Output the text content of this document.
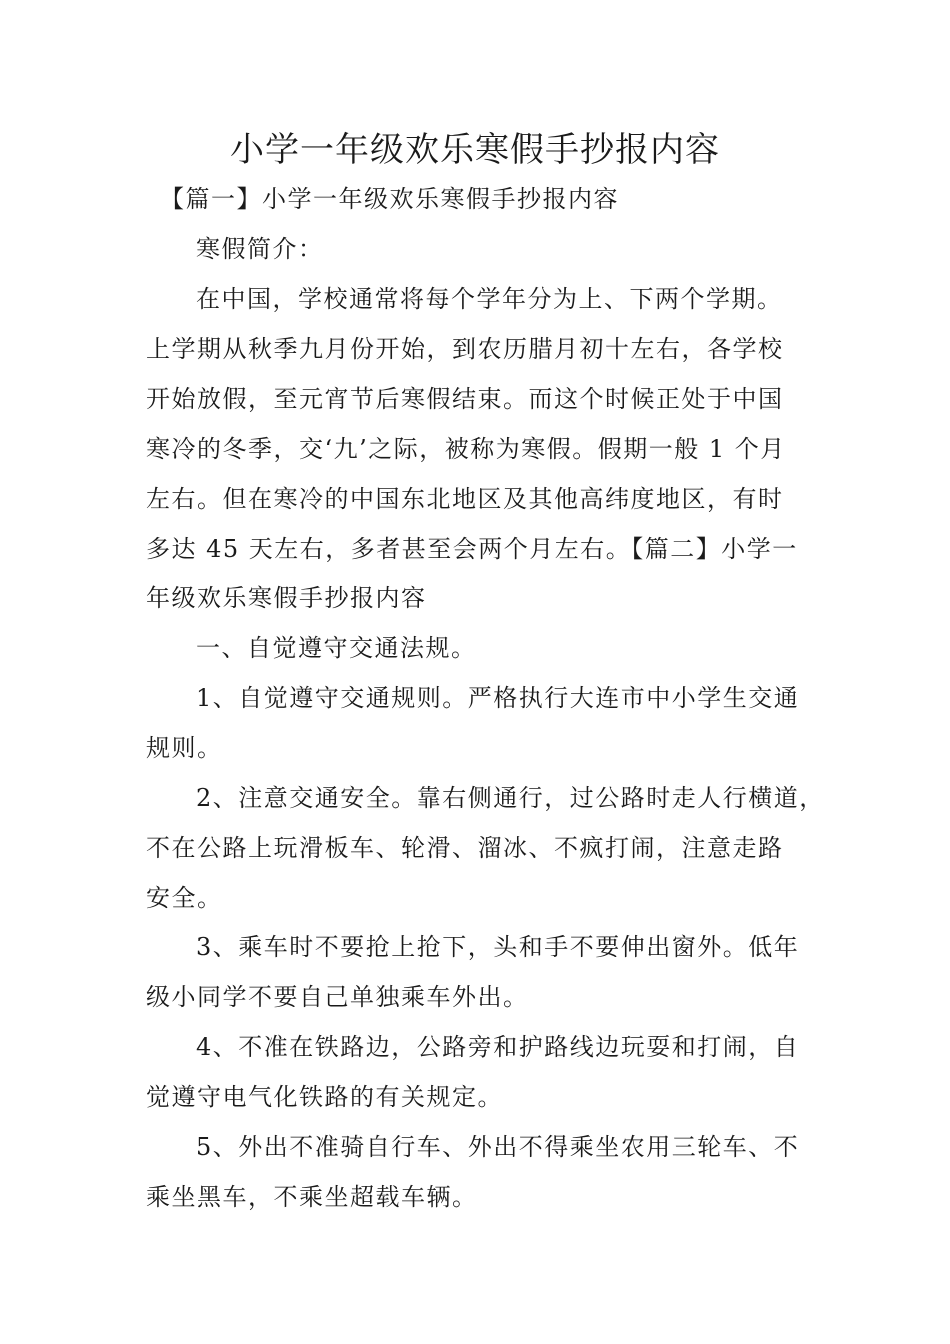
小学一年级欢乐寒假手抄报内容
【篇一】小学一年级欢乐寒假手抄报内容
寒假简介：
在中国，学校通常将每个学年分为上、下两个学期。
上学期从秋季九月份开始，到农历腊月初十左右，各学校
开始放假，至元宵节后寒假结束。而这个时候正处于中国
寒冷的冬季，交‘九’之际，被称为寒假。假期一般 1 个月
左右。但在寒冷的中国东北地区及其他高纬度地区，有时
多达 45 天左右，多者甚至会两个月左右。【篇二】小学一
年级欢乐寒假手抄报内容
一、自觉遵守交通法规。
1、自觉遵守交通规则。严格执行大连市中小学生交通
规则。
2、注意交通安全。靠右侧通行，过公路时走人行横道，
不在公路上玩滑板车、轮滑、溜冰、不疯打闹，注意走路
安全。
3、乘车时不要抢上抢下，头和手不要伸出窗外。低年
级小同学不要自己单独乘车外出。
4、不准在铁路边，公路旁和护路线边玩耍和打闹，自
觉遵守电气化铁路的有关规定。
5、外出不准骑自行车、外出不得乘坐农用三轮车、不
乘坐黑车，不乘坐超载车辆。
